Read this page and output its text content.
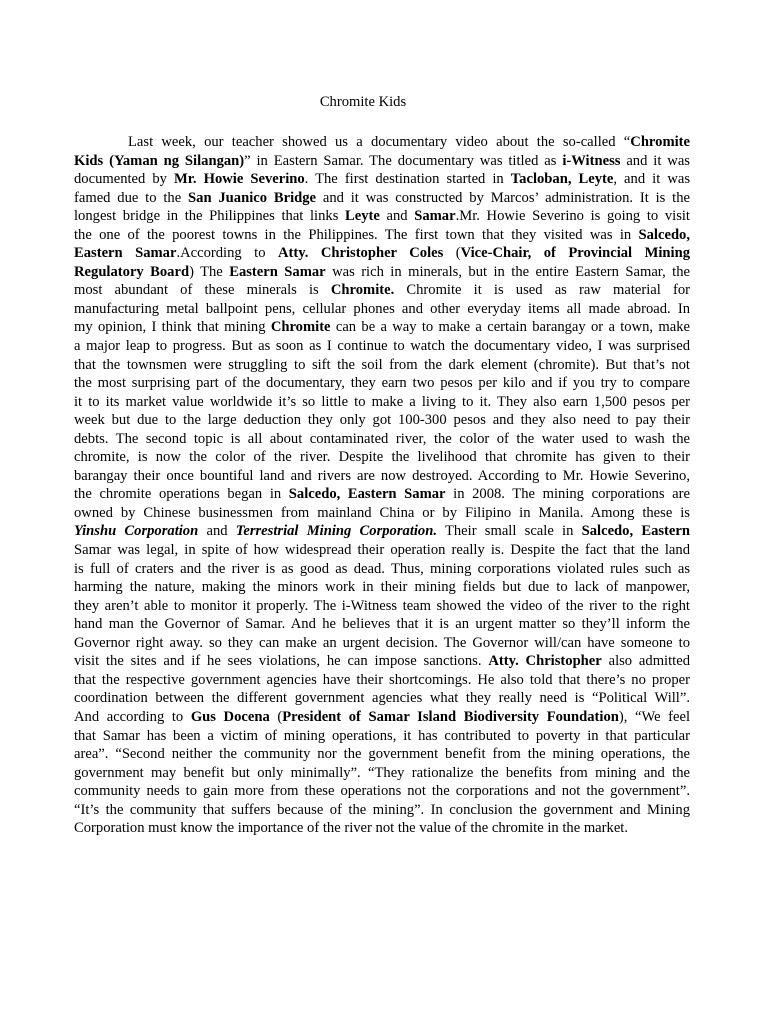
Chromite Kids
Last week, our teacher showed us a documentary video about the so-called “Chromite
Kids (Yaman ng Silangan)” in Eastern Samar. The documentary was titled as i-Witness and it was
documented by Mr. Howie Severino. The first destination started in Tacloban, Leyte, and it was
famed due to the San Juanico Bridge and it was constructed by Marcos’ administration. It is the
longest bridge in the Philippines that links Leyte and Samar.Mr. Howie Severino is going to visit
the one of the poorest towns in the Philippines. The first town that they visited was in Salcedo,
Eastern Samar.According to Atty. Christopher Coles (Vice-Chair, of Provincial Mining
Regulatory Board) The Eastern Samar was rich in minerals, but in the entire Eastern Samar, the
most abundant of these minerals is Chromite. Chromite it is used as raw material for
manufacturing metal ballpoint pens, cellular phones and other everyday items all made abroad. In
my opinion, I think that mining Chromite can be a way to make a certain barangay or a town, make
a major leap to progress. But as soon as I continue to watch the documentary video, I was surprised
that the townsmen were struggling to sift the soil from the dark element (chromite). But that’s not
the most surprising part of the documentary, they earn two pesos per kilo and if you try to compare
it to its market value worldwide it’s so little to make a living to it. They also earn 1,500 pesos per
week but due to the large deduction they only got 100-300 pesos and they also need to pay their
debts. The second topic is all about contaminated river, the color of the water used to wash the
chromite, is now the color of the river. Despite the livelihood that chromite has given to their
barangay their once bountiful land and rivers are now destroyed. According to Mr. Howie Severino,
the chromite operations began in Salcedo, Eastern Samar in 2008. The mining corporations are
owned by Chinese businessmen from mainland China or by Filipino in Manila. Among these is
Yinshu Corporation and Terrestrial Mining Corporation. Their small scale in Salcedo, Eastern
Samar was legal, in spite of how widespread their operation really is. Despite the fact that the land
is full of craters and the river is as good as dead. Thus, mining corporations violated rules such as
harming the nature, making the minors work in their mining fields but due to lack of manpower,
they aren’t able to monitor it properly. The i-Witness team showed the video of the river to the right
hand man the Governor of Samar. And he believes that it is an urgent matter so they’ll inform the
Governor right away. so they can make an urgent decision. The Governor will/can have someone to
visit the sites and if he sees violations, he can impose sanctions. Atty. Christopher also admitted
that the respective government agencies have their shortcomings. He also told that there’s no proper
coordination between the different government agencies what they really need is “Political Will”.
And according to Gus Docena (President of Samar Island Biodiversity Foundation), “We feel
that Samar has been a victim of mining operations, it has contributed to poverty in that particular
area”. “Second neither the community nor the government benefit from the mining operations, the
government may benefit but only minimally”. “They rationalize the benefits from mining and the
community needs to gain more from these operations not the corporations and not the government”.
“It’s the community that suffers because of the mining”. In conclusion the government and Mining
Corporation must know the importance of the river not the value of the chromite in the market.
